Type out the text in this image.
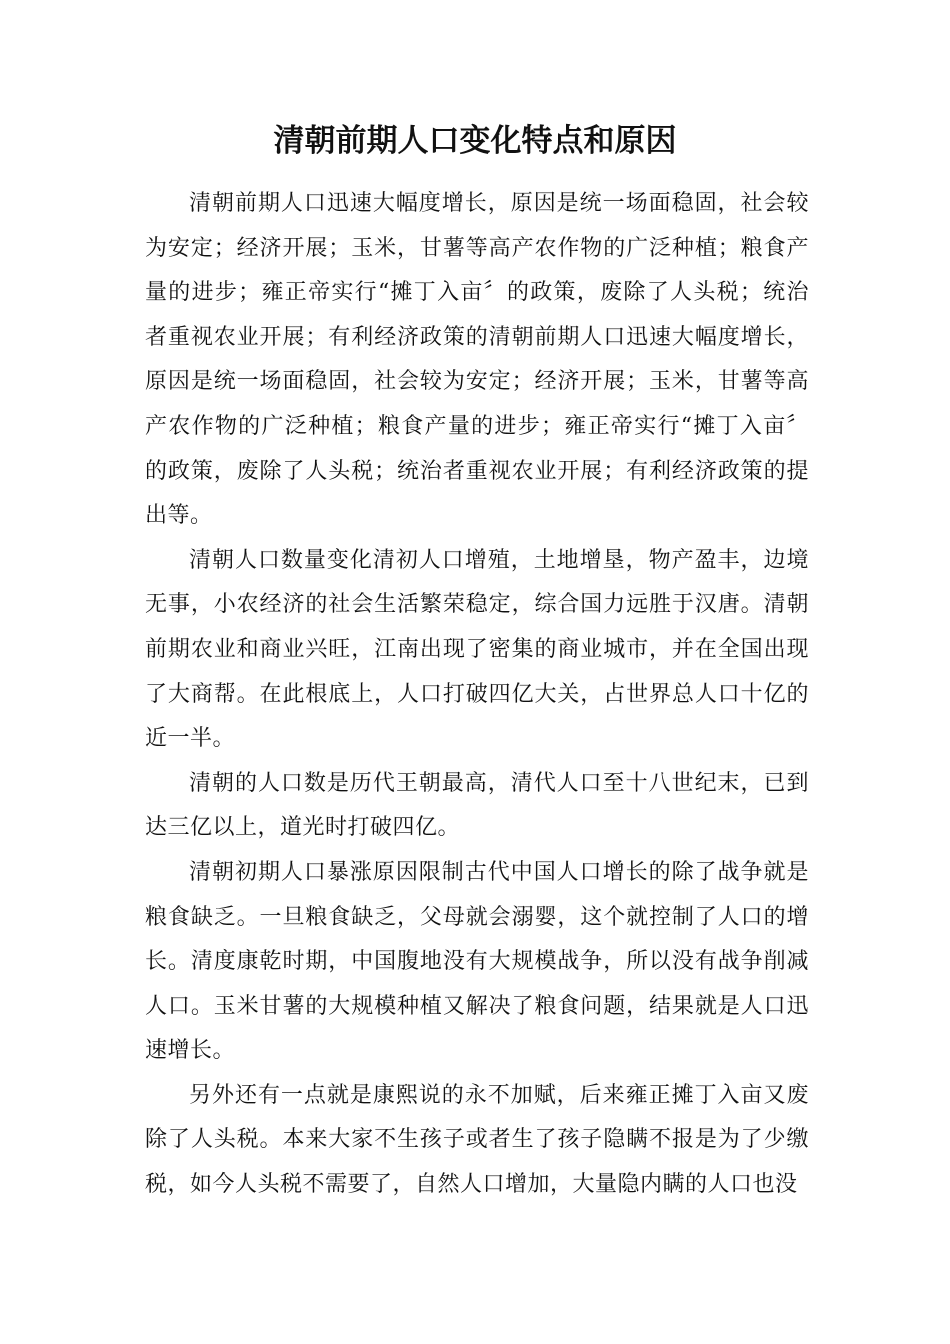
清朝前期人口变化特点和原因

清朝前期人口迅速大幅度增长，原因是统一场面稳固，社会较为安定；经济开展；玉米，甘薯等高产农作物的广泛种植；粮食产量的进步；雍正帝实行“摊丁入亩〞的政策，废除了人头税；统治者重视农业开展；有利经济政策的清朝前期人口迅速大幅度增长，原因是统一场面稳固，社会较为安定；经济开展；玉米，甘薯等高产农作物的广泛种植；粮食产量的进步；雍正帝实行“摊丁入亩〞的政策，废除了人头税；统治者重视农业开展；有利经济政策的提出等。

清朝人口数量变化清初人口增殖，土地增垦，物产盈丰，边境无事，小农经济的社会生活繁荣稳定，综合国力远胜于汉唐。清朝前期农业和商业兴旺，江南出现了密集的商业城市，并在全国出现了大商帮。在此根底上，人口打破四亿大关，占世界总人口十亿的近一半。

清朝的人口数是历代王朝最高，清代人口至十八世纪末，已到达三亿以上，道光时打破四亿。

清朝初期人口暴涨原因限制古代中国人口增长的除了战争就是粮食缺乏。一旦粮食缺乏，父母就会溺婴，这个就控制了人口的增长。清度康乾时期，中国腹地没有大规模战争，所以没有战争削减人口。玉米甘薯的大规模种植又解决了粮食问题，结果就是人口迅速增长。

另外还有一点就是康熙说的永不加赋，后来雍正摊丁入亩又废除了人头税。本来大家不生孩子或者生了孩子隐瞒不报是为了少缴税，如今人头税不需要了，自然人口增加，大量隐内瞒的人口也没
